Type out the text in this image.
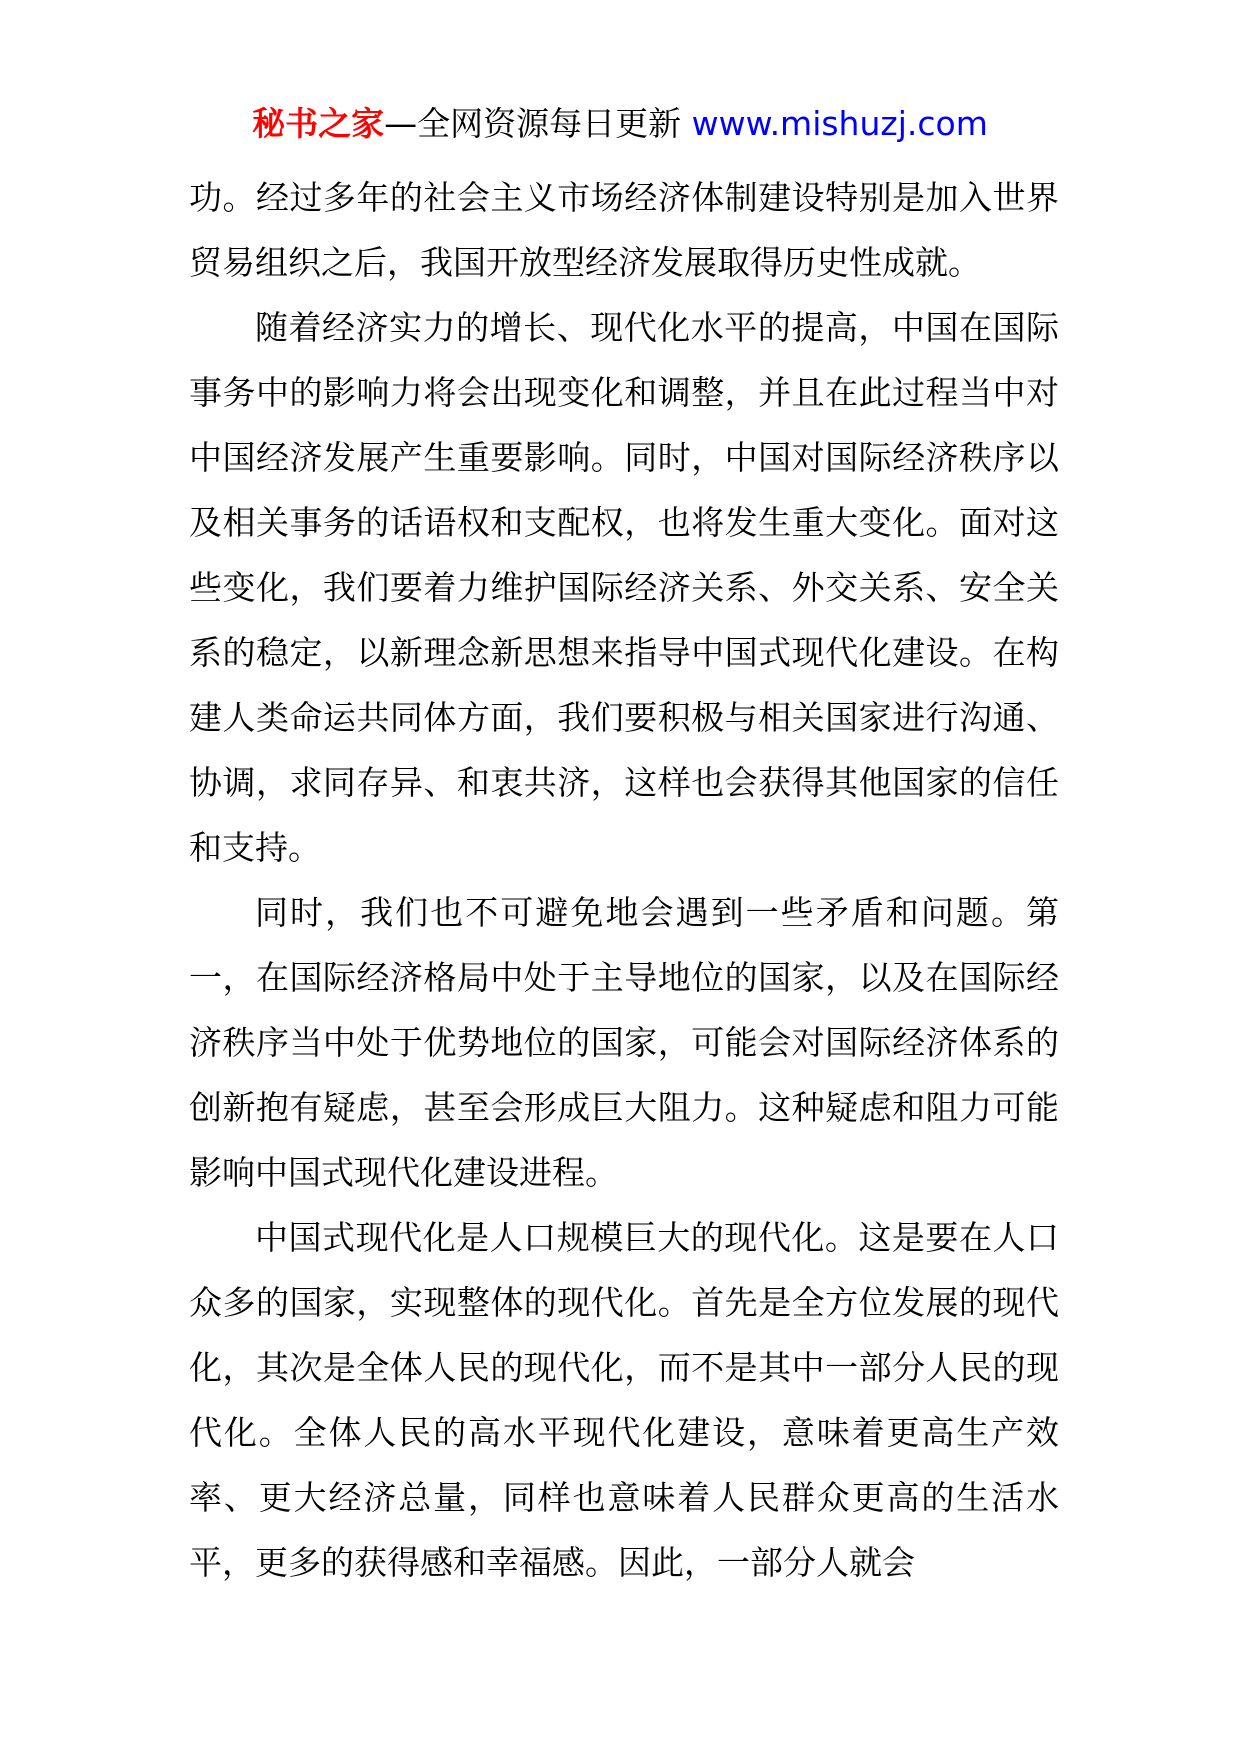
秘书之家—全网资源每日更新 www.mishuzj.com

功。经过多年的社会主义市场经济体制建设特别是加入世界贸易组织之后，我国开放型经济发展取得历史性成就。

随着经济实力的增长、现代化水平的提高，中国在国际事务中的影响力将会出现变化和调整，并且在此过程当中对中国经济发展产生重要影响。同时，中国对国际经济秩序以及相关事务的话语权和支配权，也将发生重大变化。面对这些变化，我们要着力维护国际经济关系、外交关系、安全关系的稳定，以新理念新思想来指导中国式现代化建设。在构建人类命运共同体方面，我们要积极与相关国家进行沟通、协调，求同存异、和衷共济，这样也会获得其他国家的信任和支持。

同时，我们也不可避免地会遇到一些矛盾和问题。第一，在国际经济格局中处于主导地位的国家，以及在国际经济秩序当中处于优势地位的国家，可能会对国际经济体系的创新抱有疑虑，甚至会形成巨大阻力。这种疑虑和阻力可能影响中国式现代化建设进程。

中国式现代化是人口规模巨大的现代化。这是要在人口众多的国家，实现整体的现代化。首先是全方位发展的现代化，其次是全体人民的现代化，而不是其中一部分人民的现代化。全体人民的高水平现代化建设，意味着更高生产效率、更大经济总量，同样也意味着人民群众更高的生活水平，更多的获得感和幸福感。因此，一部分人就会
